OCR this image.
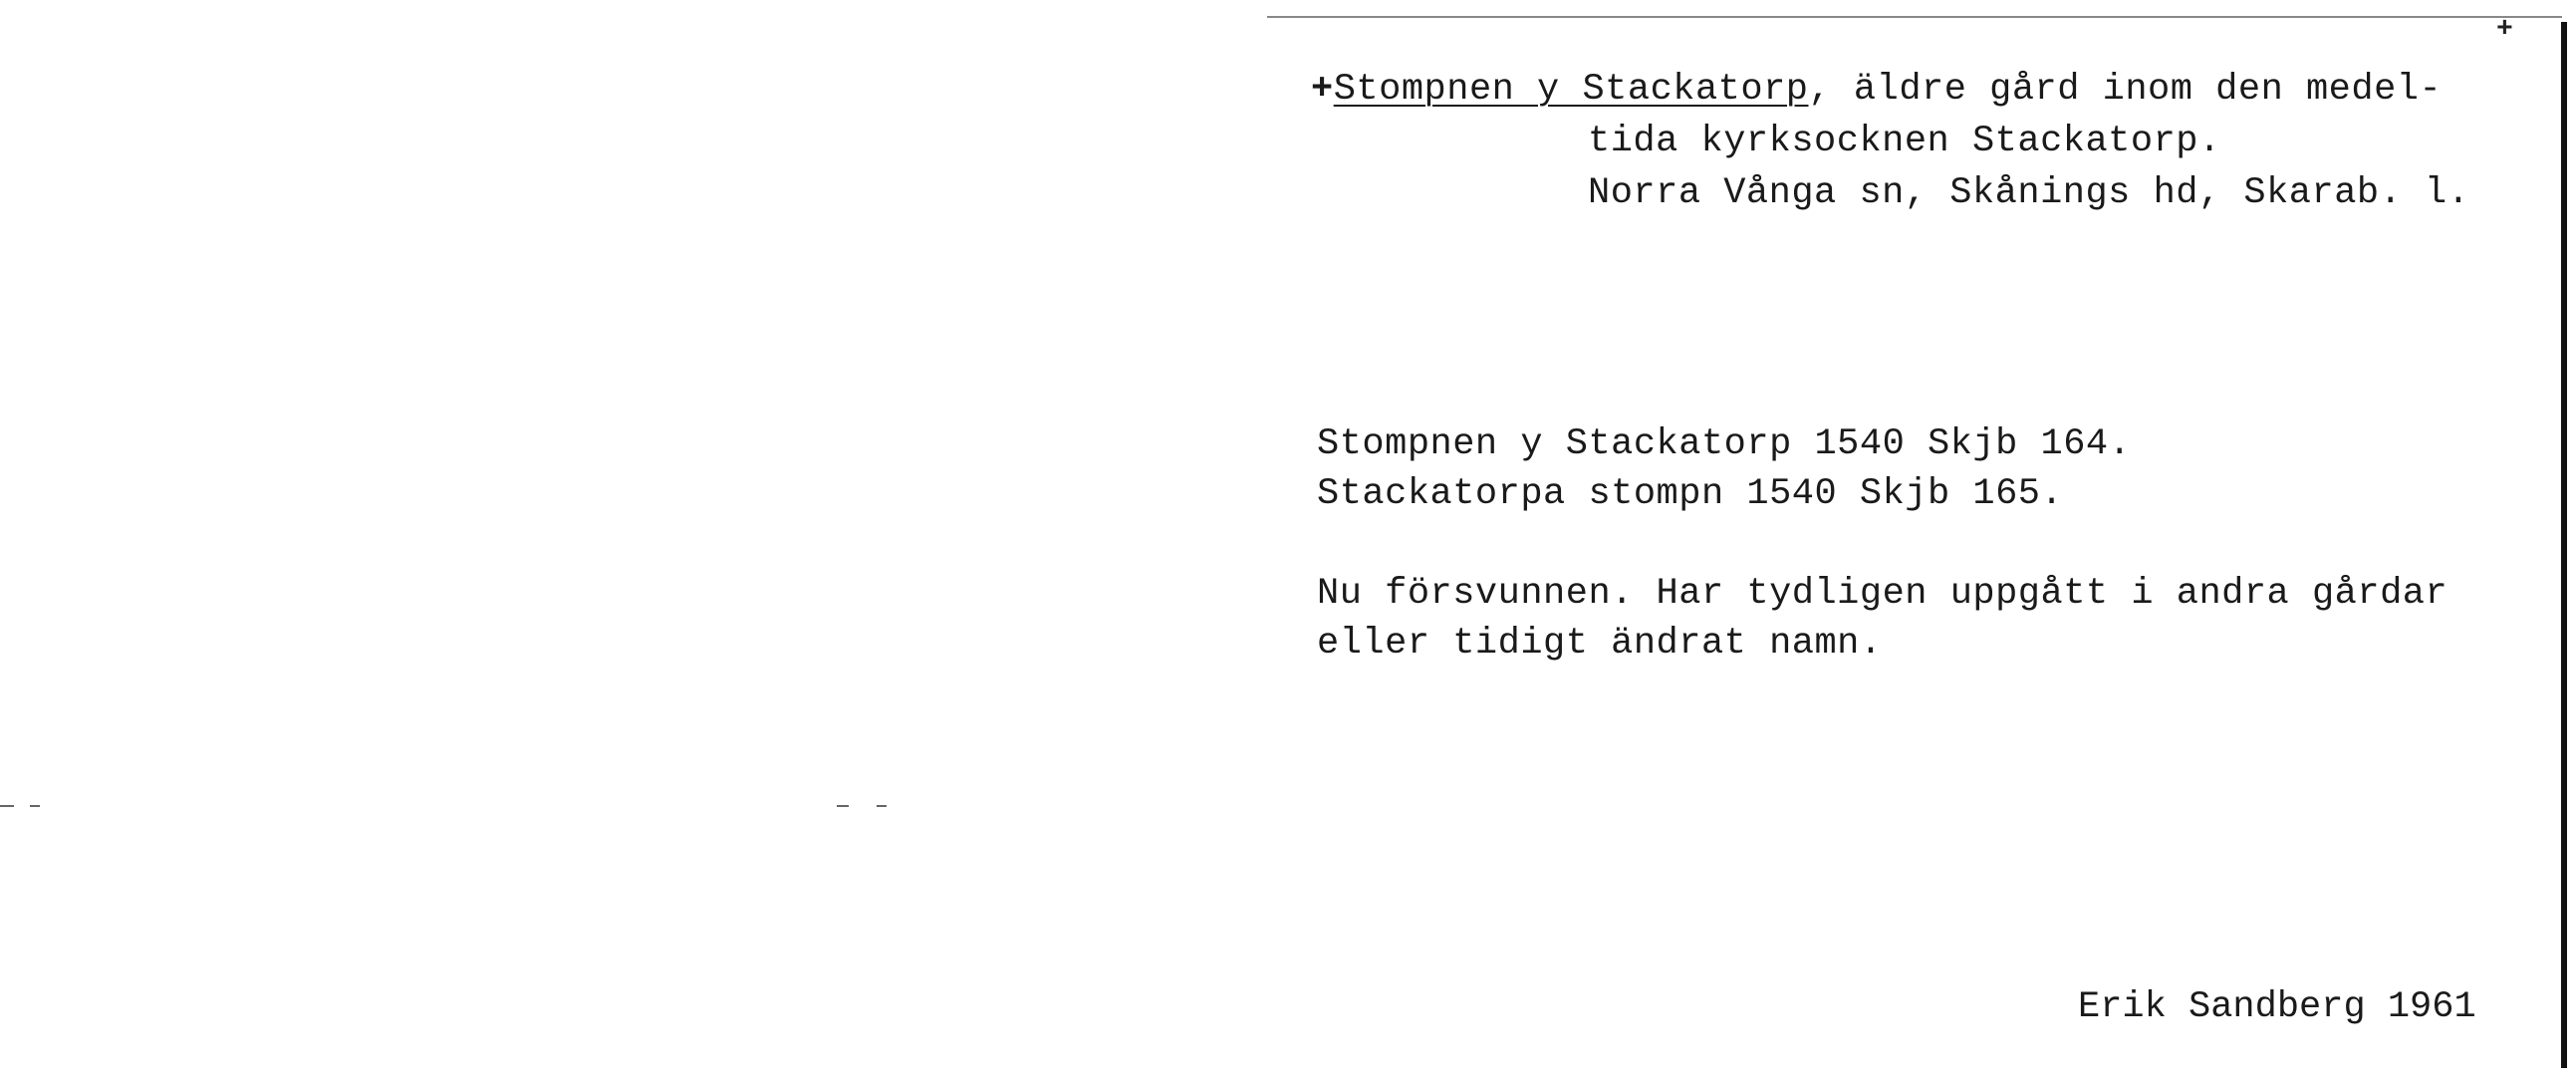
+
+Stompnen y Stackatorp, äldre gård inom den medel-
tida kyrksocknen Stackatorp.
Norra Vånga sn, Skånings hd, Skarab. l.
Stompnen y Stackatorp 1540 Skjb 164.
Stackatorpa stompn 1540 Skjb 165.
Nu försvunnen. Har tydligen uppgått i andra gårdar
eller tidigt ändrat namn.
Erik Sandberg 1961
